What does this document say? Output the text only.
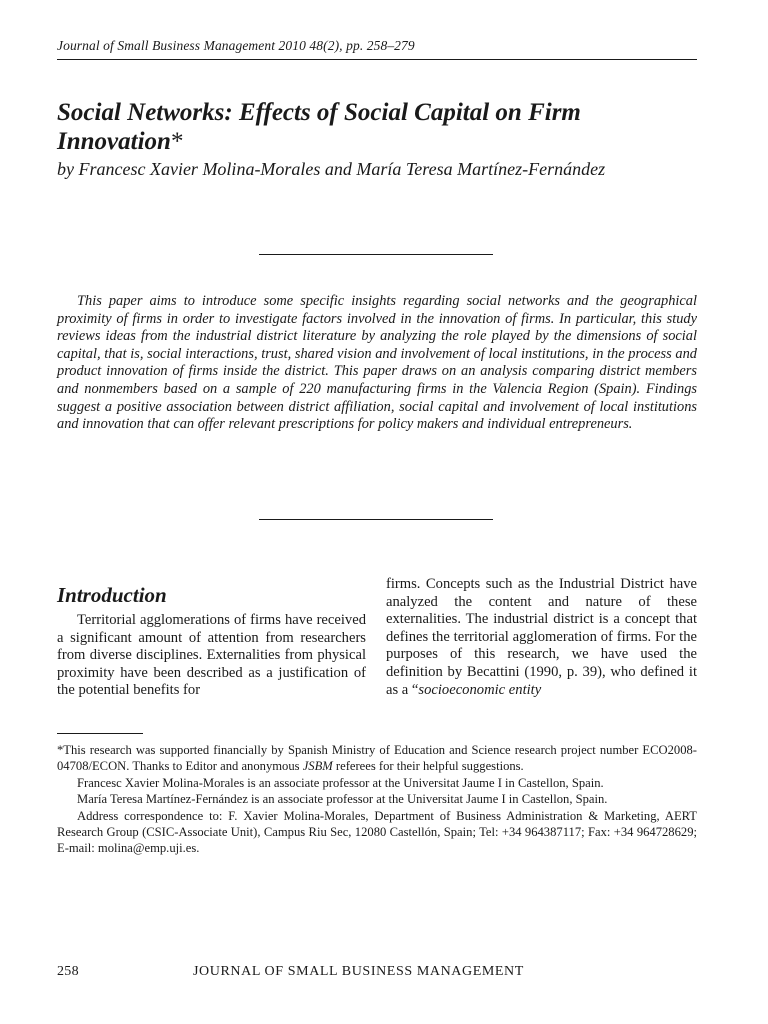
Journal of Small Business Management 2010 48(2), pp. 258–279
Social Networks: Effects of Social Capital on Firm Innovation*
by Francesc Xavier Molina-Morales and María Teresa Martínez-Fernández
This paper aims to introduce some specific insights regarding social networks and the geographical proximity of firms in order to investigate factors involved in the innovation of firms. In particular, this study reviews ideas from the industrial district literature by analyzing the role played by the dimensions of social capital, that is, social interactions, trust, shared vision and involvement of local institutions, in the process and product innovation of firms inside the district. This paper draws on an analysis comparing district members and nonmembers based on a sample of 220 manufacturing firms in the Valencia Region (Spain). Findings suggest a positive association between district affiliation, social capital and involvement of local institutions and innovation that can offer relevant prescriptions for policy makers and individual entrepreneurs.
Introduction

Territorial agglomerations of firms have received a significant amount of attention from researchers from diverse disciplines. Externalities from physical proximity have been described as a justification of the potential benefits for

firms. Concepts such as the Industrial District have analyzed the content and nature of these externalities. The industrial district is a concept that defines the territorial agglomeration of firms. For the purposes of this research, we have used the definition by Becattini (1990, p. 39), who defined it as a “socioeconomic entity

*This research was supported financially by Spanish Ministry of Education and Science research project number ECO2008-04708/ECON. Thanks to Editor and anonymous JSBM referees for their helpful suggestions.

Francesc Xavier Molina-Morales is an associate professor at the Universitat Jaume I in Castellon, Spain.

María Teresa Martínez-Fernández is an associate professor at the Universitat Jaume I in Castellon, Spain.

Address correspondence to: F. Xavier Molina-Morales, Department of Business Administration & Marketing, AERT Research Group (CSIC-Associate Unit), Campus Riu Sec, 12080 Castellón, Spain; Tel: +34 964387117; Fax: +34 964728629; E-mail: molina@emp.uji.es.

258	JOURNAL OF SMALL BUSINESS MANAGEMENT
